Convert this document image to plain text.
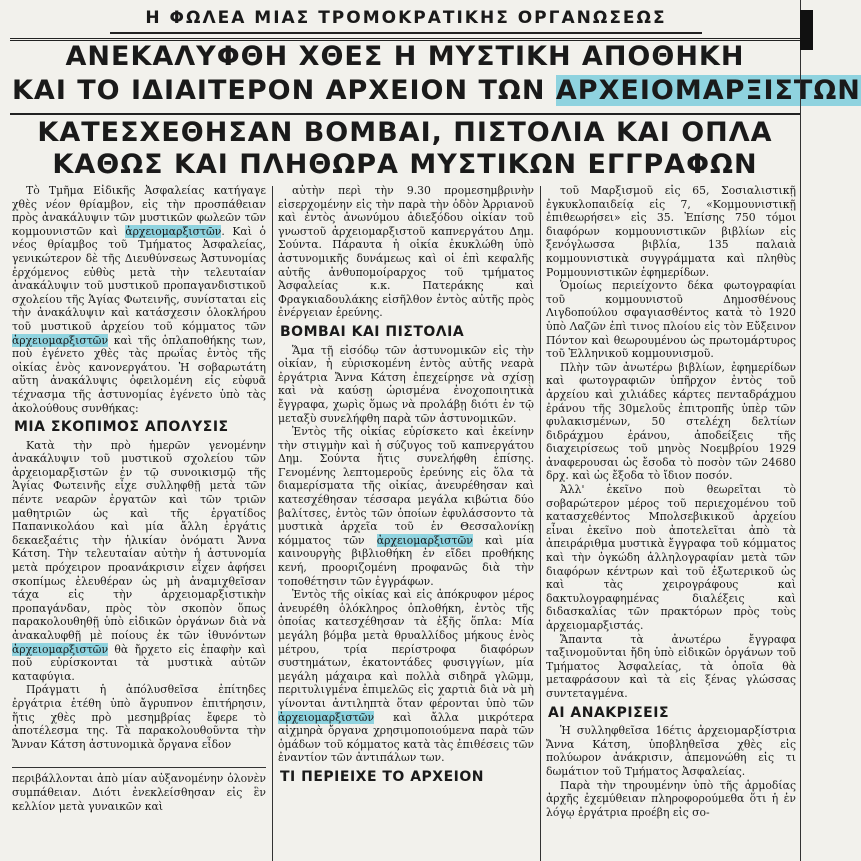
Η ΦΩΛΕΑ ΜΙΑΣ ΤΡΟΜΟΚΡΑΤΙΚΗΣ ΟΡΓΑΝΩΣΕΩΣ
ΑΝΕΚΑΛΥΦΘΗ ΧΘΕΣ Η ΜΥΣΤΙΚΗ ΑΠΟΘΗΚΗ
ΚΑΙ ΤΟ ΙΔΙΑΙΤΕΡΟΝ ΑΡΧΕΙΟΝ ΤΩΝ ΑΡΧΕΙΟΜΑΡΞΙΣΤΩΝ
ΚΑΤΕΣΧΕΘΗΣΑΝ ΒΟΜΒΑΙ, ΠΙΣΤΟΛΙΑ ΚΑΙ ΟΠΛΑ
ΚΑΘΩΣ ΚΑΙ ΠΛΗΘΩΡΑ ΜΥΣΤΙΚΩΝ ΕΓΓΡΑΦΩΝ

Τὸ Τμῆμα Εἰδικῆς Ἀσφαλείας κατήγαγε χθὲς νέον θρίαμβον, εἰς τὴν προσπάθειαν πρὸς ἀνακάλυψιν τῶν μυστικῶν φωλεῶν τῶν κομμουνιστῶν καὶ ἀρχειομαρξιστῶν. Καὶ ὁ νέος θρίαμβος τοῦ Τμήματος Ἀσφαλείας, γενικώτερον δὲ τῆς Διευθύνσεως Ἀστυνομίας ἐρχόμενος εὐθὺς μετὰ τὴν τελευταίαν ἀνακάλυψιν τοῦ μυστικοῦ προπαγανδιστικοῦ σχολείου τῆς Ἁγίας Φωτεινῆς, συνίσταται εἰς τὴν ἀνακάλυψιν καὶ κατάσχεσιν ὁλοκλήρου τοῦ μυστικοῦ ἀρχείου τοῦ κόμματος τῶν ἀρχειομαρξιστῶν καὶ τῆς ὁπλαποθήκης των, ποὺ ἐγένετο χθὲς τὰς πρωΐας ἐντὸς τῆς οἰκίας ἑνὸς κανονεργάτου. Ἡ σοβαρωτάτη αὕτη ἀνακάλυψις ὀφειλομένη εἰς εὐφυᾶ τέχνασμα τῆς ἀστυνομίας ἐγένετο ὑπὸ τὰς ἀκολούθους συνθήκας:

ΜΙΑ ΣΚΟΠΙΜΟΣ ΑΠΟΛΥΣΙΣ

Κατὰ τὴν πρὸ ἡμερῶν γενομένην ἀνακάλυψιν τοῦ μυστικοῦ σχολείου τῶν ἀρχειομαρξιστῶν ἐν τῷ συνοικισμῷ τῆς Ἁγίας Φωτεινῆς εἶχε συλληφθῇ μετὰ τῶν πέντε νεαρῶν ἐργατῶν καὶ τῶν τριῶν μαθητριῶν ὡς καὶ τῆς ἐργατίδος Παπανικολάου καὶ μία ἄλλη ἐργάτις δεκαεξαέτις τὴν ἡλικίαν ὀνόματι Ἄννα Κάτση. Τὴν τελευταίαν αὐτὴν ἡ ἀστυνομία μετὰ πρόχειρον προανάκρισιν εἶχεν ἀφήσει σκοπίμως ἐλευθέραν ὡς μὴ ἀναμιχθεῖσαν τάχα εἰς τὴν ἀρχειομαρξιστικὴν προπαγάνδαν, πρὸς τὸν σκοπὸν ὅπως παρακολουθηθῇ ὑπὸ εἰδικῶν ὀργάνων διὰ νὰ ἀνακαλυφθῇ μὲ ποίους ἐκ τῶν ἰθυνόντων ἀρχειομαρξιστῶν θὰ ἤρχετο εἰς ἐπαφὴν καὶ ποῦ εὑρίσκονται τὰ μυστικὰ αὐτῶν καταφύγια.

Πράγματι ἡ ἀπόλυσθεῖσα ἐπίτηδες ἐργάτρια ἐτέθη ὑπὸ ἄγρυπνον ἐπιτήρησιν, ἥτις χθὲς πρὸ μεσημβρίας ἔφερε τὸ ἀποτέλεσμα της. Τὰ παρακολουθοῦντα τὴν Ἄνναν Κάτση ἀστυνομικὰ ὄργανα εἶδον

περιβάλλονται ἀπὸ μίαν αὐξανομένην ὁλονὲν συμπάθειαν. Διότι ἐνεκλείσθησαν εἰς ἓν κελλίον μετὰ γυναικῶν καὶ

αὐτὴν περὶ τὴν 9.30 προμεσημβρινὴν εἰσερχομένην εἰς τὴν παρὰ τὴν ὁδὸν Ἀρριανοῦ καὶ ἐντὸς ἀνωνύμου ἀδιεξόδου οἰκίαν τοῦ γνωστοῦ ἀρχειομαρξιστοῦ καπνεργάτου Δημ. Σούντα. Πάραυτα ἡ οἰκία ἐκυκλώθη ὑπὸ ἀστυνομικῆς δυνάμεως καὶ οἱ ἐπὶ κεφαλῆς αὐτῆς ἀνθυπομοίραρχος τοῦ τμήματος Ἀσφαλείας κ.κ. Πατεράκης καὶ Φραγκιαδουλάκης εἰσῆλθον ἐντὸς αὐτῆς πρὸς ἐνέργειαν ἐρεύνης.

ΒΟΜΒΑΙ ΚΑΙ ΠΙΣΤΟΛΙΑ

Ἅμα τῇ εἰσόδῳ τῶν ἀστυνομικῶν εἰς τὴν οἰκίαν, ἡ εὑρισκομένη ἐντὸς αὐτῆς νεαρὰ ἐργάτρια Ἄννα Κάτση ἐπεχείρησε νὰ σχίσῃ καὶ νὰ καύσῃ ὡρισμένα ἐνοχοποιητικὰ ἔγγραφα, χωρὶς ὅμως νὰ προλάβῃ διότι ἐν τῷ μεταξὺ συνελήφθη παρὰ τῶν ἀστυνομικῶν.

Ἐντὸς τῆς οἰκίας εὑρίσκετο καὶ ἐκείνην τὴν στιγμὴν καὶ ἡ σύζυγος τοῦ καπνεργάτου Δημ. Σούντα ἥτις συνελήφθη ἐπίσης. Γενομένης λεπτομεροῦς ἐρεύνης εἰς ὅλα τὰ διαμερίσματα τῆς οἰκίας, ἀνευρέθησαν καὶ κατεσχέθησαν τέσσαρα μεγάλα κιβώτια δύο βαλίτσες, ἐντὸς τῶν ὁποίων ἐφυλάσσοντο τὰ μυστικὰ ἀρχεῖα τοῦ ἐν Θεσσαλονίκῃ κόμματος τῶν ἀρχειομαρξιστῶν καὶ μία καινουργὴς βιβλιοθήκη ἐν εἴδει προθήκης κενή, προοριζομένη προφανῶς διὰ τὴν τοποθέτησιν τῶν ἐγγράφων.

Ἐντὸς τῆς οἰκίας καὶ εἰς ἀπόκρυφον μέρος ἀνευρέθη ὁλόκληρος ὁπλοθήκη, ἐντὸς τῆς ὁποίας κατεσχέθησαν τὰ ἑξῆς ὅπλα: Μία μεγάλη βόμβα μετὰ θρυαλλίδος μήκους ἑνὸς μέτρου, τρία περίστροφα διαφόρων συστημάτων, ἑκατοντάδες φυσιγγίων, μία μεγάλη μάχαιρα καὶ πολλὰ σιδηρᾶ γλῶμμ, περιτυλιγμένα ἐπιμελῶς εἰς χαρτιὰ διὰ νὰ μὴ γίνονται ἀντιληπτὰ ὅταν φέρονται ὑπὸ τῶν ἀρχειομαρξιστῶν καὶ ἄλλα μικρότερα αἰχμηρὰ ὄργανα χρησιμοποιούμενα παρὰ τῶν ὁμάδων τοῦ κόμματος κατὰ τὰς ἐπιθέσεις τῶν ἐναντίον τῶν ἀντιπάλων των.

ΤΙ ΠΕΡΙΕΙΧΕ ΤΟ ΑΡΧΕΙΟΝ

τοῦ Μαρξισμοῦ εἰς 65, Σοσιαλιστικῇ ἐγκυκλοπαιδείᾳ εἰς 7, «Κομμουνιστικῇ ἐπιθεωρήσει» εἰς 35. Ἐπίσης 750 τόμοι διαφόρων κομμουνιστικῶν βιβλίων εἰς ξενόγλωσσα βιβλία, 135 παλαιὰ κομμουνιστικὰ συγγράμματα καὶ πληθὺς Ρομμουνιστικῶν ἐφημερίδων.

Ὁμοίως περιείχοντο δέκα φωτογραφίαι τοῦ κομμουνιστοῦ Δημοσθένους Λιγδοπούλου σφαγιασθέντος κατὰ τὸ 1920 ὑπὸ Λαζῶν ἐπὶ τινος πλοίου εἰς τὸν Εὔξεινον Πόντον καὶ θεωρουμένου ὡς πρωτομάρτυρος τοῦ Ἑλληνικοῦ κομμουνισμοῦ.

Πλὴν τῶν ἀνωτέρω βιβλίων, ἐφημερίδων καὶ φωτογραφιῶν ὑπῆρχον ἐντὸς τοῦ ἀρχείου καὶ χιλιάδες κάρτες πενταδράχμου ἐράνου τῆς 30μελοῦς ἐπιτροπῆς ὑπὲρ τῶν φυλακισμένων, 50 στελέχη δελτίων διδράχμου ἐράνου, ἀποδείξεις τῆς διαχειρίσεως τοῦ μηνὸς Νοεμβρίου 1929 ἀναφερουσαι ὡς ἔσοδα τὸ ποσὸν τῶν 24680 δρχ. καὶ ὡς ἔξοδα τὸ ἴδιον ποσόν.

Ἀλλ' ἐκεῖνο ποὺ θεωρεῖται τὸ σοβαρώτερον μέρος τοῦ περιεχομένου τοῦ κατασχεθέντος Μπολσεβικικοῦ ἀρχείου εἶναι ἐκεῖνο ποὺ ἀποτελεῖται ἀπὸ τὰ ἀπειράριθμα μυστικὰ ἔγγραφα τοῦ κόμματος καὶ τὴν ὀγκώδη ἀλληλογραφίαν μετὰ τῶν διαφόρων κέντρων καὶ τοῦ ἐξωτερικοῦ ὡς καὶ τὰς χειρογράφους καὶ δακτυλογραφημένας διαλέξεις καὶ διδασκαλίας τῶν πρακτόρων πρὸς τοὺς ἀρχειομαρξιστάς.

Ἅπαντα τὰ ἀνωτέρω ἔγγραφα ταξινομοῦνται ἤδη ὑπὸ εἰδικῶν ὀργάνων τοῦ Τμήματος Ἀσφαλείας, τὰ ὁποῖα θὰ μεταφράσουν καὶ τὰ εἰς ξένας γλώσσας συντεταγμένα.

ΑΙ ΑΝΑΚΡΙΣΕΙΣ

Ἡ συλληφθεῖσα 16έτις ἀρχειομαρξίστρια Ἄννα Κάτση, ὑποβληθεῖσα χθὲς εἰς πολύωρον ἀνάκρισιν, ἀπεμονώθη εἰς τι δωμάτιον τοῦ Τμήματος Ἀσφαλείας.

Παρὰ τὴν τηρουμένην ὑπὸ τῆς ἁρμοδίας ἀρχῆς ἐχεμύθειαν πληροφορούμεθα ὅτι ἡ ἐν λόγῳ ἐργάτρια προέβη εἰς σο-
